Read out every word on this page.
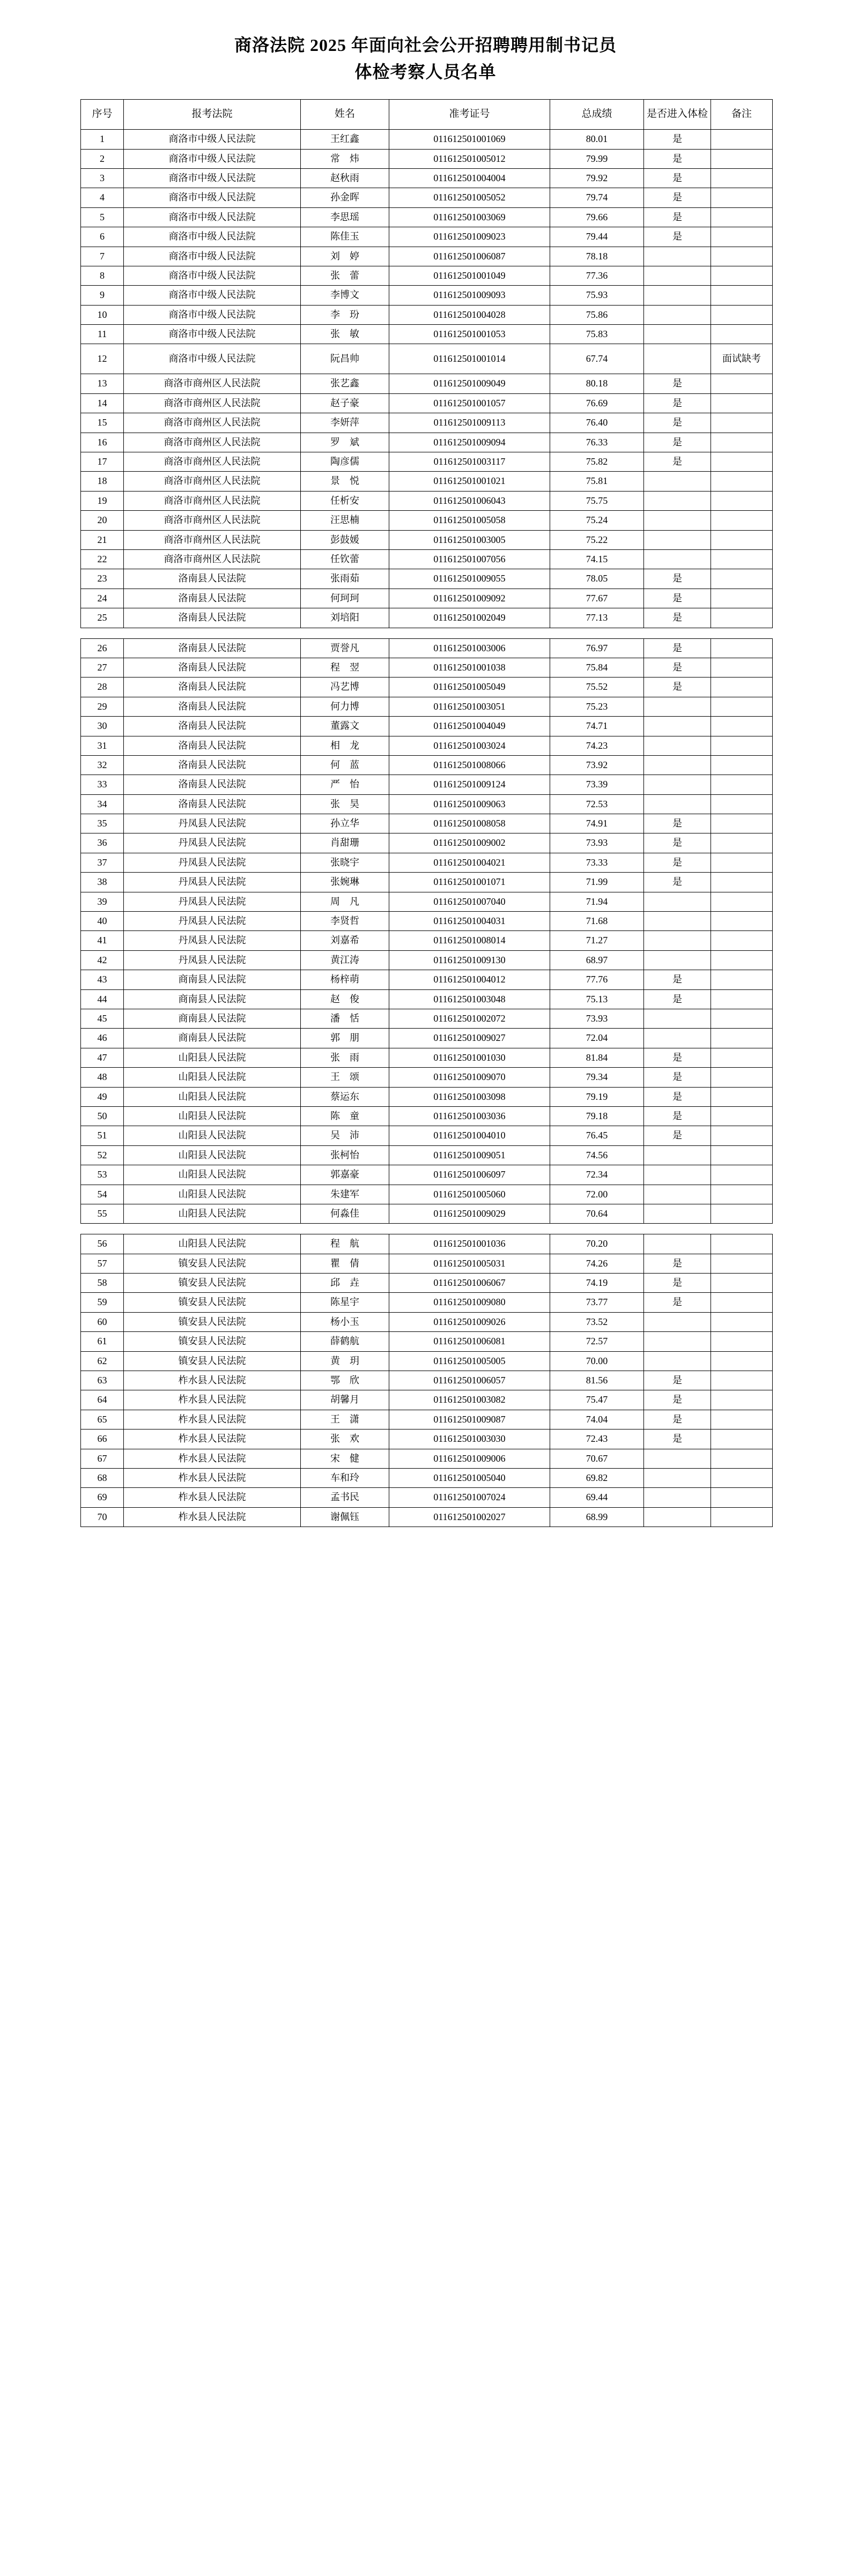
商洛法院 2025 年面向社会公开招聘聘用制书记员
体检考察人员名单
序号	报考法院	姓名	准考证号	总成绩	是否进入体检	备注
1	商洛市中级人民法院	王红鑫	011612501001069	80.01	是	
2	商洛市中级人民法院	常　炜	011612501005012	79.99	是	
3	商洛市中级人民法院	赵秋雨	011612501004004	79.92	是	
4	商洛市中级人民法院	孙金晖	011612501005052	79.74	是	
5	商洛市中级人民法院	李思瑶	011612501003069	79.66	是	
6	商洛市中级人民法院	陈佳玉	011612501009023	79.44	是	
7	商洛市中级人民法院	刘　婷	011612501006087	78.18		
8	商洛市中级人民法院	张　蕾	011612501001049	77.36		
9	商洛市中级人民法院	李博文	011612501009093	75.93		
10	商洛市中级人民法院	李　玢	011612501004028	75.86		
11	商洛市中级人民法院	张　敏	011612501001053	75.83		
12	商洛市中级人民法院	阮昌帅	011612501001014	67.74		面试缺考
13	商洛市商州区人民法院	张艺鑫	011612501009049	80.18	是	
14	商洛市商州区人民法院	赵子豪	011612501001057	76.69	是	
15	商洛市商州区人民法院	李妍萍	011612501009113	76.40	是	
16	商洛市商州区人民法院	罗　斌	011612501009094	76.33	是	
17	商洛市商州区人民法院	陶彦儒	011612501003117	75.82	是	
18	商洛市商州区人民法院	景　悦	011612501001021	75.81		
19	商洛市商州区人民法院	任析安	011612501006043	75.75		
20	商洛市商州区人民法院	汪思楠	011612501005058	75.24		
21	商洛市商州区人民法院	彭鼓媛	011612501003005	75.22		
22	商洛市商州区人民法院	任钦蕾	011612501007056	74.15		
23	洛南县人民法院	张雨茹	011612501009055	78.05	是	
24	洛南县人民法院	何珂珂	011612501009092	77.67	是	
25	洛南县人民法院	刘培阳	011612501002049	77.13	是	

26	洛南县人民法院	贾誉凡	011612501003006	76.97	是	
27	洛南县人民法院	程　翌	011612501001038	75.84	是	
28	洛南县人民法院	冯艺博	011612501005049	75.52	是	
29	洛南县人民法院	何力博	011612501003051	75.23		
30	洛南县人民法院	董露文	011612501004049	74.71		
31	洛南县人民法院	相　龙	011612501003024	74.23		
32	洛南县人民法院	何　蓝	011612501008066	73.92		
33	洛南县人民法院	严　怡	011612501009124	73.39		
34	洛南县人民法院	张　昊	011612501009063	72.53		
35	丹凤县人民法院	孙立华	011612501008058	74.91	是	
36	丹凤县人民法院	肖甜珊	011612501009002	73.93	是	
37	丹凤县人民法院	张晓宇	011612501004021	73.33	是	
38	丹凤县人民法院	张婉琳	011612501001071	71.99	是	
39	丹凤县人民法院	周　凡	011612501007040	71.94		
40	丹凤县人民法院	李贤哲	011612501004031	71.68		
41	丹凤县人民法院	刘嘉希	011612501008014	71.27		
42	丹凤县人民法院	黄江涛	011612501009130	68.97		
43	商南县人民法院	杨梓萌	011612501004012	77.76	是	
44	商南县人民法院	赵　俊	011612501003048	75.13	是	
45	商南县人民法院	潘　恬	011612501002072	73.93		
46	商南县人民法院	郭　朋	011612501009027	72.04		
47	山阳县人民法院	张　雨	011612501001030	81.84	是	
48	山阳县人民法院	王　颂	011612501009070	79.34	是	
49	山阳县人民法院	蔡运东	011612501003098	79.19	是	
50	山阳县人民法院	陈　童	011612501003036	79.18	是	
51	山阳县人民法院	吴　沛	011612501004010	76.45	是	
52	山阳县人民法院	张柯怡	011612501009051	74.56		
53	山阳县人民法院	郭嘉豪	011612501006097	72.34		
54	山阳县人民法院	朱建军	011612501005060	72.00		
55	山阳县人民法院	何淼佳	011612501009029	70.64		

56	山阳县人民法院	程　航	011612501001036	70.20		
57	镇安县人民法院	瞿　倩	011612501005031	74.26	是	
58	镇安县人民法院	邱　垚	011612501006067	74.19	是	
59	镇安县人民法院	陈星宇	011612501009080	73.77	是	
60	镇安县人民法院	杨小玉	011612501009026	73.52		
61	镇安县人民法院	薛鹤航	011612501006081	72.57		
62	镇安县人民法院	黄　玥	011612501005005	70.00		
63	柞水县人民法院	鄂　欣	011612501006057	81.56	是	
64	柞水县人民法院	胡馨月	011612501003082	75.47	是	
65	柞水县人民法院	王　潇	011612501009087	74.04	是	
66	柞水县人民法院	张　欢	011612501003030	72.43	是	
67	柞水县人民法院	宋　健	011612501009006	70.67		
68	柞水县人民法院	车和玲	011612501005040	69.82		
69	柞水县人民法院	孟书民	011612501007024	69.44		
70	柞水县人民法院	谢佩钰	011612501002027	68.99		
